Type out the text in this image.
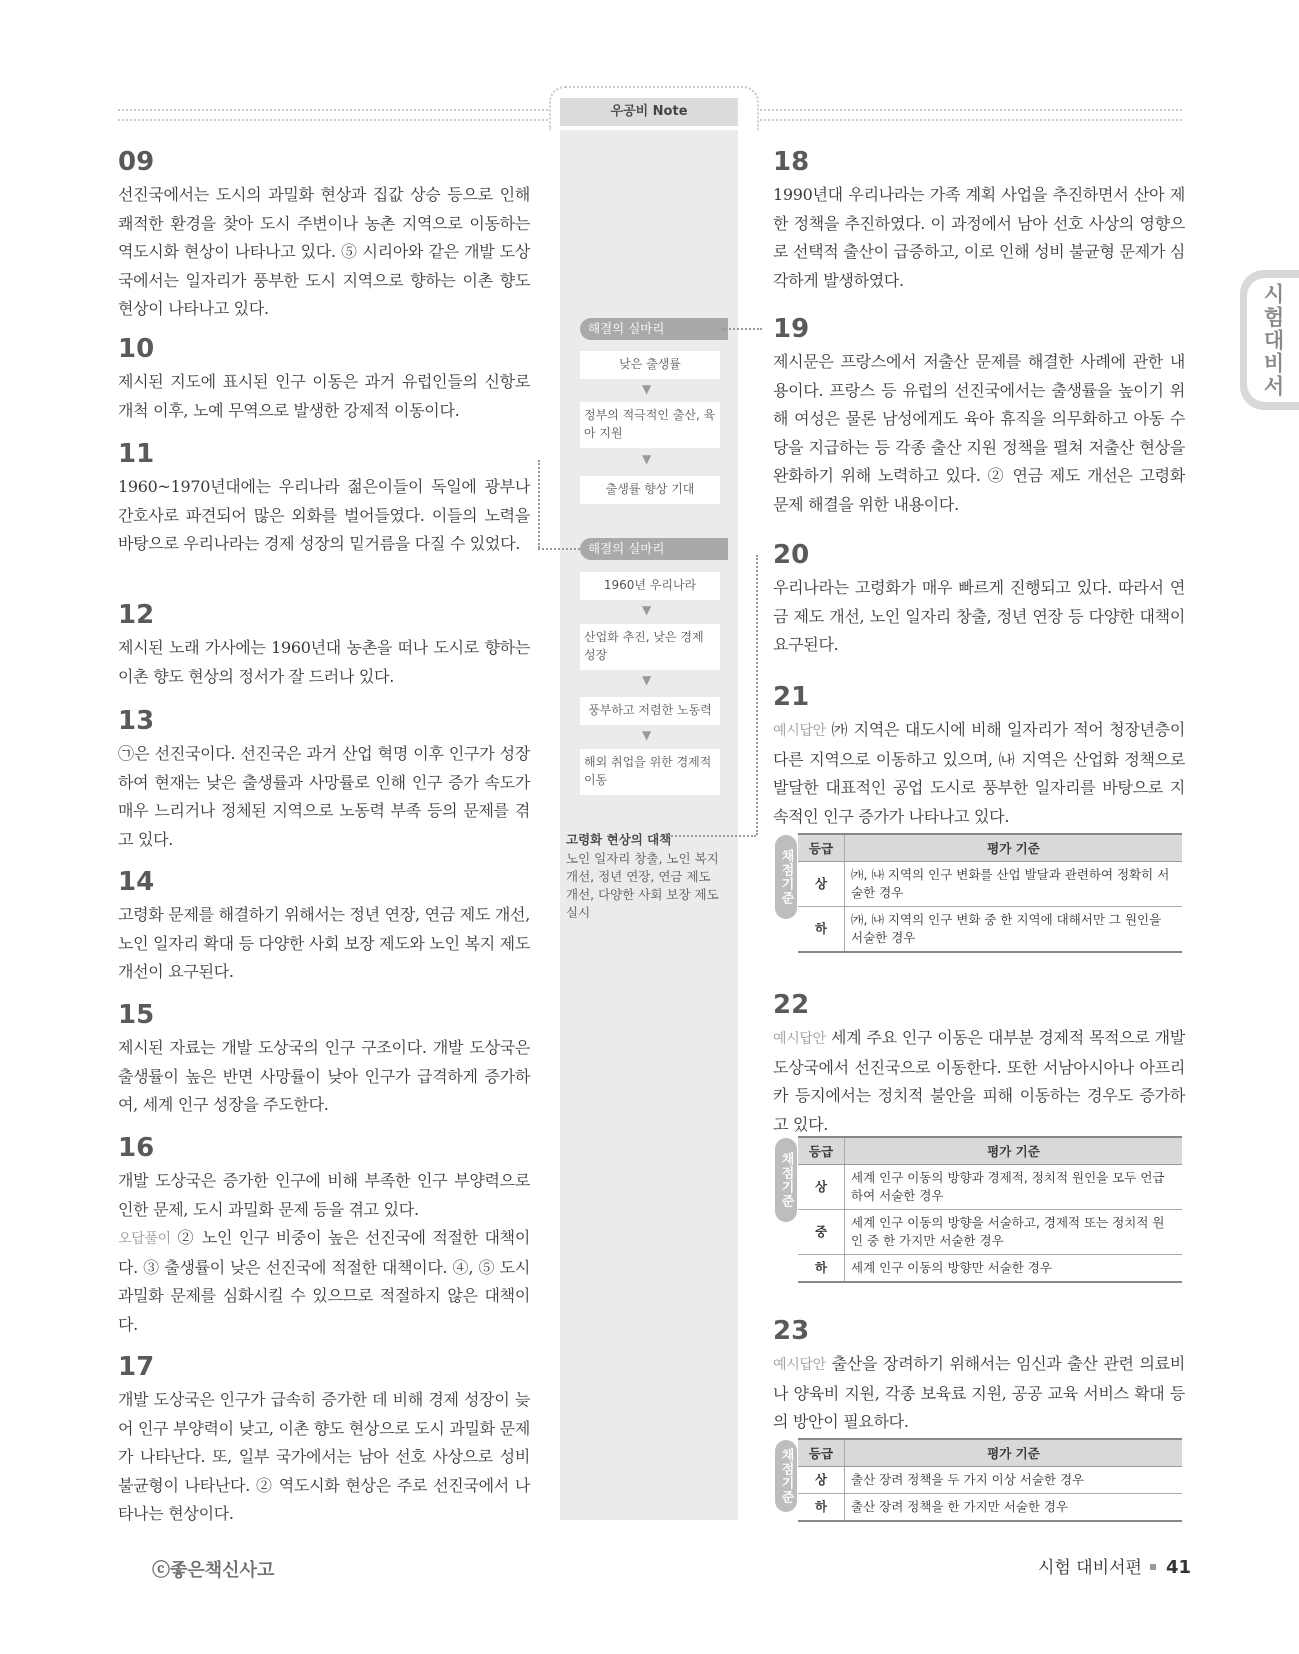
우공비 Note
시험대비서
09

선진국에서는 도시의 과밀화 현상과 집값 상승 등으로 인해 쾌적한 환경을 찾아 도시 주변이나 농촌 지역으로 이동하는 역도시화 현상이 나타나고 있다. ⑤ 시리아와 같은 개발 도상국에서는 일자리가 풍부한 도시 지역으로 향하는 이촌 향도 현상이 나타나고 있다.

10

제시된 지도에 표시된 인구 이동은 과거 유럽인들의 신항로 개척 이후, 노예 무역으로 발생한 강제적 이동이다.

11

1960~1970년대에는 우리나라 젊은이들이 독일에 광부나 간호사로 파견되어 많은 외화를 벌어들였다. 이들의 노력을 바탕으로 우리나라는 경제 성장의 밑거름을 다질 수 있었다.

12

제시된 노래 가사에는 1960년대 농촌을 떠나 도시로 향하는 이촌 향도 현상의 정서가 잘 드러나 있다.

13

㉠은 선진국이다. 선진국은 과거 산업 혁명 이후 인구가 성장하여 현재는 낮은 출생률과 사망률로 인해 인구 증가 속도가 매우 느리거나 정체된 지역으로 노동력 부족 등의 문제를 겪고 있다.

14

고령화 문제를 해결하기 위해서는 정년 연장, 연금 제도 개선, 노인 일자리 확대 등 다양한 사회 보장 제도와 노인 복지 제도 개선이 요구된다.

15

제시된 자료는 개발 도상국의 인구 구조이다. 개발 도상국은 출생률이 높은 반면 사망률이 낮아 인구가 급격하게 증가하여, 세계 인구 성장을 주도한다.

16

개발 도상국은 증가한 인구에 비해 부족한 인구 부양력으로 인한 문제, 도시 과밀화 문제 등을 겪고 있다.
오답풀이 ② 노인 인구 비중이 높은 선진국에 적절한 대책이다. ③ 출생률이 낮은 선진국에 적절한 대책이다. ④, ⑤ 도시 과밀화 문제를 심화시킬 수 있으므로 적절하지 않은 대책이다.

17

개발 도상국은 인구가 급속히 증가한 데 비해 경제 성장이 늦어 인구 부양력이 낮고, 이촌 향도 현상으로 도시 과밀화 문제가 나타난다. 또, 일부 국가에서는 남아 선호 사상으로 성비 불균형이 나타난다. ② 역도시화 현상은 주로 선진국에서 나타나는 현상이다.

해결의 실마리
낮은 출생률
▼
정부의 적극적인 출산, 육아 지원
▼
출생률 향상 기대
해결의 실마리
1960년 우리나라
▼
산업화 추진, 낮은 경제 성장
▼
풍부하고 저렴한 노동력
▼
해외 취업을 위한 경제적 이동
고령화 현상의 대책
노인 일자리 창출, 노인 복지 개선, 정년 연장, 연금 제도 개선, 다양한 사회 보장 제도 실시
18

1990년대 우리나라는 가족 계획 사업을 추진하면서 산아 제한 정책을 추진하였다. 이 과정에서 남아 선호 사상의 영향으로 선택적 출산이 급증하고, 이로 인해 성비 불균형 문제가 심각하게 발생하였다.

19

제시문은 프랑스에서 저출산 문제를 해결한 사례에 관한 내용이다. 프랑스 등 유럽의 선진국에서는 출생률을 높이기 위해 여성은 물론 남성에게도 육아 휴직을 의무화하고 아동 수당을 지급하는 등 각종 출산 지원 정책을 펼쳐 저출산 현상을 완화하기 위해 노력하고 있다. ② 연금 제도 개선은 고령화 문제 해결을 위한 내용이다.

20

우리나라는 고령화가 매우 빠르게 진행되고 있다. 따라서 연금 제도 개선, 노인 일자리 창출, 정년 연장 등 다양한 대책이 요구된다.

21

예시답안 ㈎ 지역은 대도시에 비해 일자리가 적어 청장년층이 다른 지역으로 이동하고 있으며, ㈏ 지역은 산업화 정책으로 발달한 대표적인 공업 도시로 풍부한 일자리를 바탕으로 지속적인 인구 증가가 나타나고 있다.

채점기준
등급	평가 기준
상	㈎, ㈏ 지역의 인구 변화를 산업 발달과 관련하여 정확히 서술한 경우
하	㈎, ㈏ 지역의 인구 변화 중 한 지역에 대해서만 그 원인을 서술한 경우
22

예시답안 세계 주요 인구 이동은 대부분 경제적 목적으로 개발 도상국에서 선진국으로 이동한다. 또한 서남아시아나 아프리카 등지에서는 정치적 불안을 피해 이동하는 경우도 증가하고 있다.

채점기준
등급	평가 기준
상	세계 인구 이동의 방향과 경제적, 정치적 원인을 모두 언급하여 서술한 경우
중	세계 인구 이동의 방향을 서술하고, 경제적 또는 정치적 원인 중 한 가지만 서술한 경우
하	세계 인구 이동의 방향만 서술한 경우
23

예시답안 출산을 장려하기 위해서는 임신과 출산 관련 의료비나 양육비 지원, 각종 보육료 지원, 공공 교육 서비스 확대 등의 방안이 필요하다.

채점기준 등급	평가 기준
상	출산 장려 정책을 두 가지 이상 서술한 경우
하	출산 장려 정책을 한 가지만 서술한 경우
ⓒ좋은책신사고	시험 대비서편 41
